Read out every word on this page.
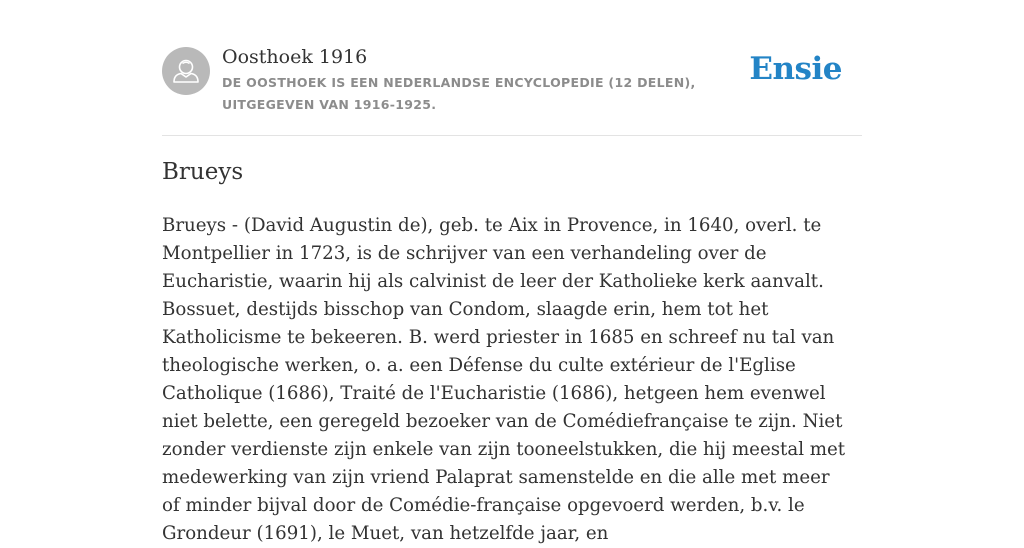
Oosthoek 1916
DE OOSTHOEK IS EEN NEDERLANDSE ENCYCLOPEDIE (12 DELEN), UITGEGEVEN VAN 1916-1925.
Ensie
Brueys

Brueys - (David Augustin de), geb. te Aix in Provence, in 1640, overl. te Montpellier in 1723, is de schrijver van een verhandeling over de Eucharistie, waarin hij als calvinist de leer der Katholieke kerk aanvalt. Bossuet, destijds bisschop van Condom, slaagde erin, hem tot het Katholicisme te bekeeren. B. werd priester in 1685 en schreef nu tal van theologische werken, o. a. een Défense du culte extérieur de l'Eglise Catholique (1686), Traité de l'Eucharistie (1686), hetgeen hem evenwel niet belette, een geregeld bezoeker van de Comédiefrançaise te zijn. Niet zonder verdienste zijn enkele van zijn tooneelstukken, die hij meestal met medewerking van zijn vriend Palaprat samenstelde en die alle met meer of minder bijval door de Comédie-française opgevoerd werden, b.v. le Grondeur (1691), le Muet, van hetzelfde jaar, en
